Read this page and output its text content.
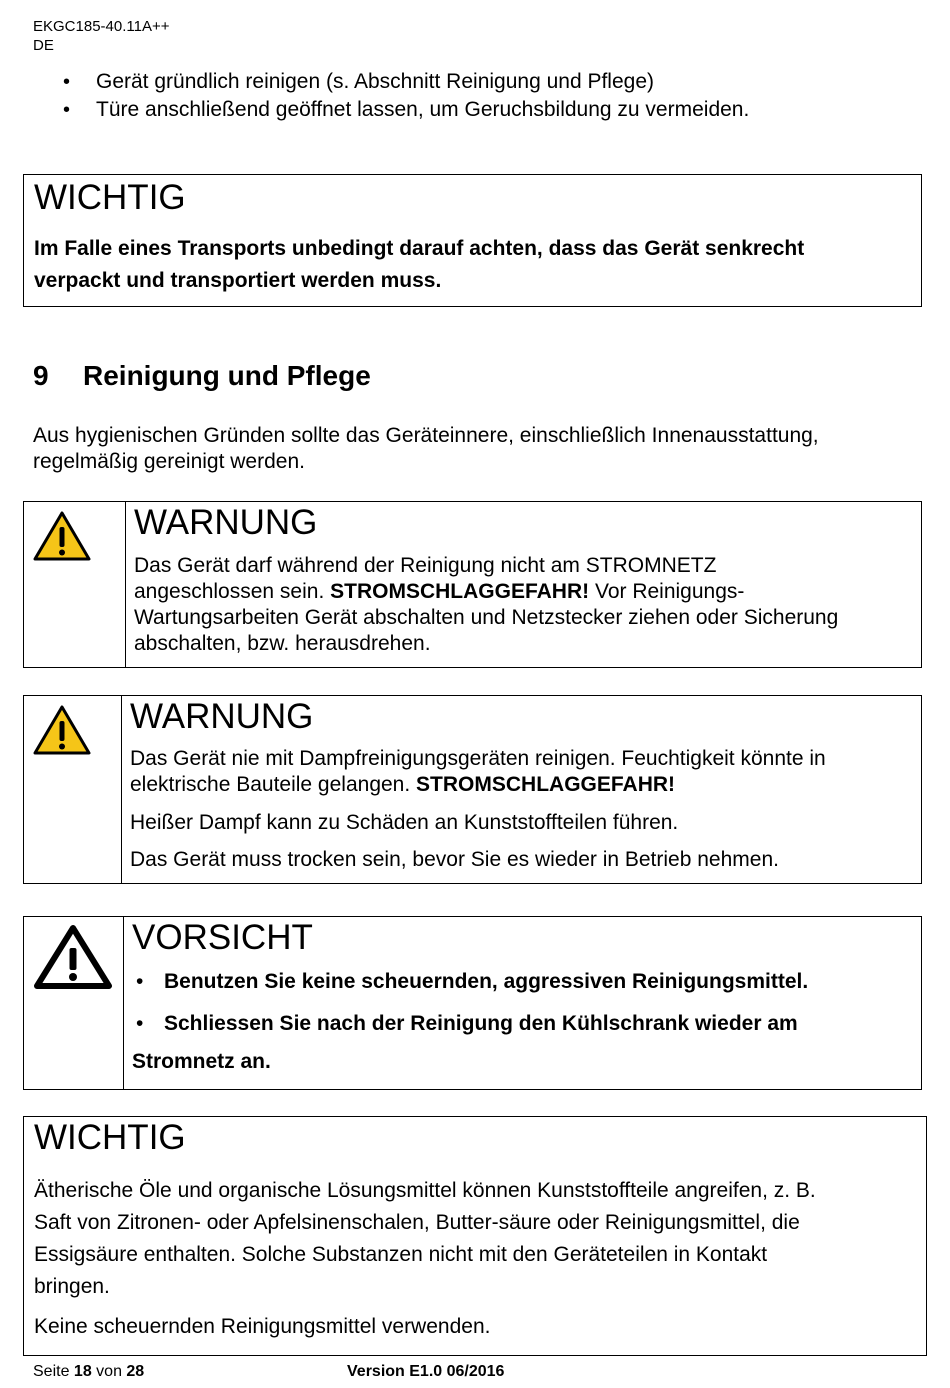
EKGC185-40.11A++
DE
• Gerät gründlich reinigen (s. Abschnitt Reinigung und Pflege)
• Türe anschließend geöffnet lassen, um Geruchsbildung zu vermeiden.
WICHTIG
Im Falle eines Transports unbedingt darauf achten, dass das Gerät senkrecht
verpackt und transportiert werden muss.
9 Reinigung und Pflege
Aus hygienischen Gründen sollte das Geräteinnere, einschließlich Innenausstattung,
regelmäßig gereinigt werden.
WARNUNG
Das Gerät darf während der Reinigung nicht am STROMNETZ
angeschlossen sein. STROMSCHLAGGEFAHR! Vor Reinigungs-
Wartungsarbeiten Gerät abschalten und Netzstecker ziehen oder Sicherung
abschalten, bzw. herausdrehen.
WARNUNG
Das Gerät nie mit Dampfreinigungsgeräten reinigen. Feuchtigkeit könnte in
elektrische Bauteile gelangen. STROMSCHLAGGEFAHR!
Heißer Dampf kann zu Schäden an Kunststoffteilen führen.
Das Gerät muss trocken sein, bevor Sie es wieder in Betrieb nehmen.
VORSICHT
• Benutzen Sie keine scheuernden, aggressiven Reinigungsmittel.
• Schliessen Sie nach der Reinigung den Kühlschrank wieder am
Stromnetz an.
WICHTIG
Ätherische Öle und organische Lösungsmittel können Kunststoffteile angreifen, z. B.
Saft von Zitronen- oder Apfelsinenschalen, Butter-säure oder Reinigungsmittel, die
Essigsäure enthalten. Solche Substanzen nicht mit den Geräteteilen in Kontakt
bringen.
Keine scheuernden Reinigungsmittel verwenden.
Seite 18 von 28	Version E1.0 06/2016
